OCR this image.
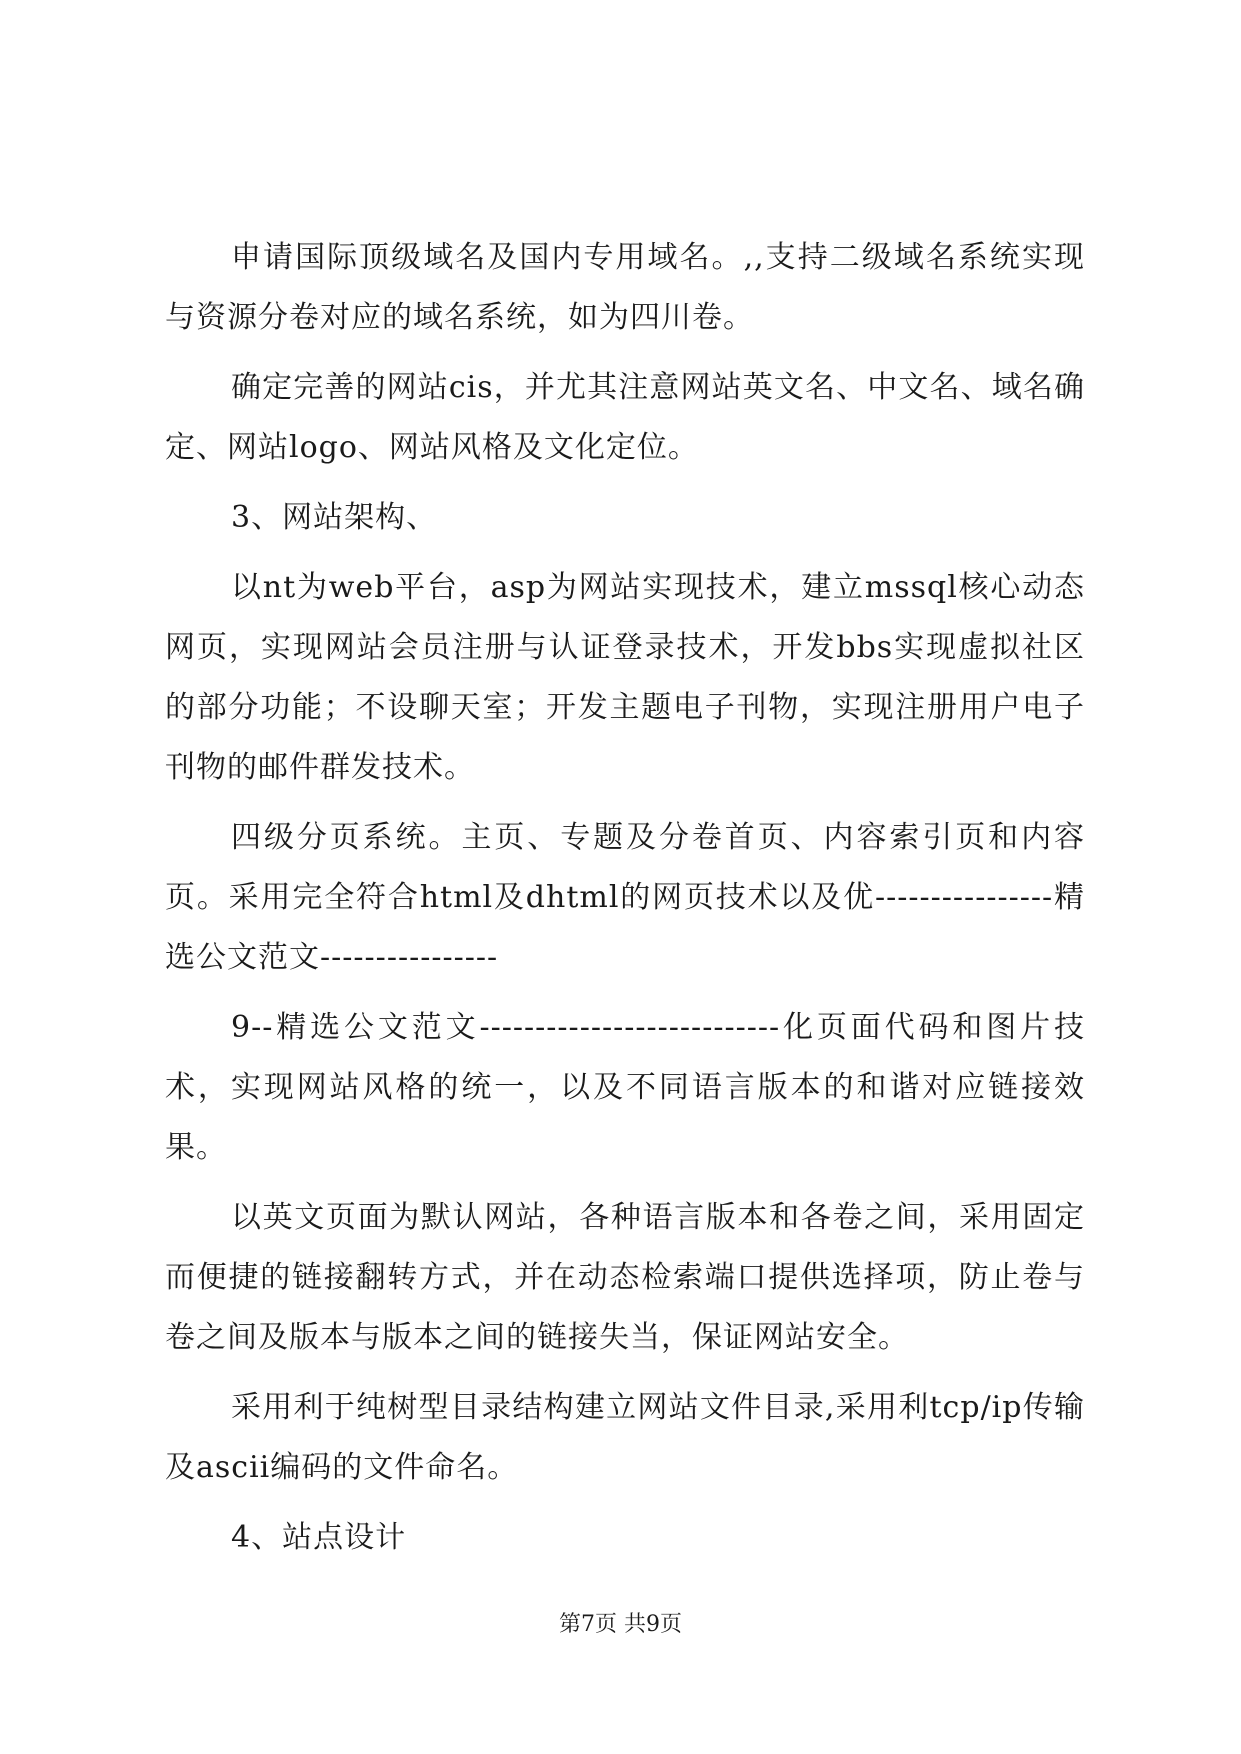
申请国际顶级域名及国内专用域名。,,支持二级域名系统实现与资源分卷对应的域名系统，如为四川卷。

确定完善的网站cis，并尤其注意网站英文名、中文名、域名确定、网站logo、网站风格及文化定位。

3、网站架构、

以nt为web平台，asp为网站实现技术，建立mssql核心动态网页，实现网站会员注册与认证登录技术，开发bbs实现虚拟社区的部分功能；不设聊天室；开发主题电子刊物，实现注册用户电子刊物的邮件群发技术。

四级分页系统。主页、专题及分卷首页、内容索引页和内容页。采用完全符合html及dhtml的网页技术以及优----------------精选公文范文----------------

9--精选公文范文---------------------------化页面代码和图片技术，实现网站风格的统一，以及不同语言版本的和谐对应链接效果。

以英文页面为默认网站，各种语言版本和各卷之间，采用固定而便捷的链接翻转方式，并在动态检索端口提供选择项，防止卷与卷之间及版本与版本之间的链接失当，保证网站安全。

采用利于纯树型目录结构建立网站文件目录,采用利tcp/ip传输及ascii编码的文件命名。

4、站点设计

第7页 共9页
